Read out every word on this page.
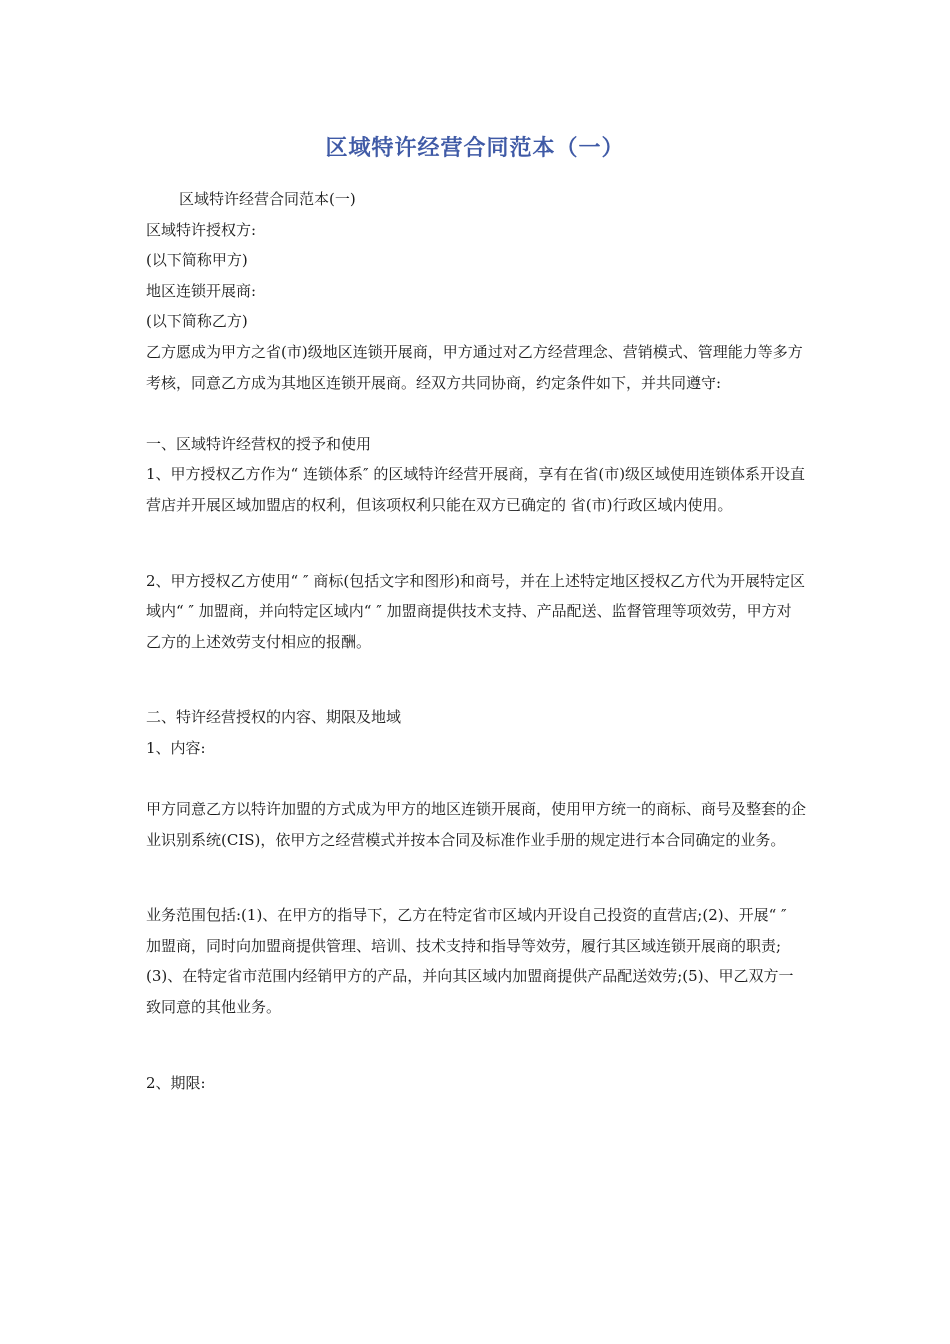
区域特许经营合同范本（一）

区域特许经营合同范本(一)

区域特许授权方:

(以下简称甲方)

地区连锁开展商:

(以下简称乙方)

乙方愿成为甲方之省(市)级地区连锁开展商，甲方通过对乙方经营理念、营销模式、管理能力等多方考核，同意乙方成为其地区连锁开展商。经双方共同协商，约定条件如下，并共同遵守:

一、区域特许经营权的授予和使用

1、甲方授权乙方作为“ 连锁体系″ 的区域特许经营开展商，享有在省(市)级区域使用连锁体系开设直营店并开展区域加盟店的权利，但该项权利只能在双方已确定的 省(市)行政区域内使用。

2、甲方授权乙方使用“ ″ 商标(包括文字和图形)和商号，并在上述特定地区授权乙方代为开展特定区域内“ ″ 加盟商，并向特定区域内“ ″ 加盟商提供技术支持、产品配送、监督管理等项效劳，甲方对乙方的上述效劳支付相应的报酬。

二、特许经营授权的内容、期限及地域

1、内容:

甲方同意乙方以特许加盟的方式成为甲方的地区连锁开展商，使用甲方统一的商标、商号及整套的企业识别系统(CIS)，依甲方之经营模式并按本合同及标准作业手册的规定进行本合同确定的业务。

业务范围包括:(1)、在甲方的指导下，乙方在特定省市区域内开设自己投资的直营店;(2)、开展“ ″ 加盟商，同时向加盟商提供管理、培训、技术支持和指导等效劳，履行其区域连锁开展商的职责;(3)、在特定省市范围内经销甲方的产品，并向其区域内加盟商提供产品配送效劳;(5)、甲乙双方一致同意的其他业务。

2、期限:
